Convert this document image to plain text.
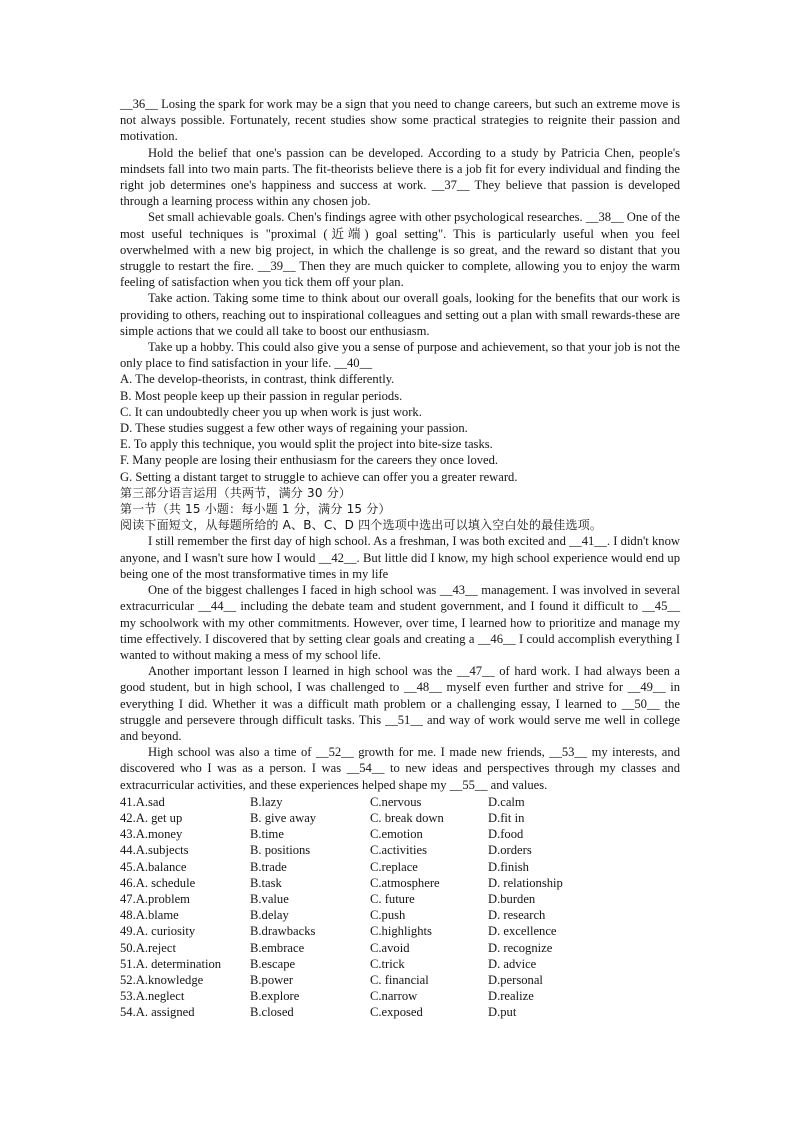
__36__ Losing the spark for work may be a sign that you need to change careers, but such an extreme move is not always possible. Fortunately, recent studies show some practical strategies to reignite their passion and motivation.

Hold the belief that one's passion can be developed. According to a study by Patricia Chen, people's mindsets fall into two main parts. The fit-theorists believe there is a job fit for every individual and finding the right job determines one's happiness and success at work. __37__ They believe that passion is developed through a learning process within any chosen job.

Set small achievable goals. Chen's findings agree with other psychological researches. __38__ One of the most useful techniques is "proximal (近端) goal setting". This is particularly useful when you feel overwhelmed with a new big project, in which the challenge is so great, and the reward so distant that you struggle to restart the fire. __39__ Then they are much quicker to complete, allowing you to enjoy the warm feeling of satisfaction when you tick them off your plan.

Take action. Taking some time to think about our overall goals, looking for the benefits that our work is providing to others, reaching out to inspirational colleagues and setting out a plan with small rewards-these are simple actions that we could all take to boost our enthusiasm.

Take up a hobby. This could also give you a sense of purpose and achievement, so that your job is not the only place to find satisfaction in your life. __40__

A. The develop-theorists, in contrast, think differently.

B. Most people keep up their passion in regular periods.

C. It can undoubtedly cheer you up when work is just work.

D. These studies suggest a few other ways of regaining your passion.

E. To apply this technique, you would split the project into bite-size tasks.

F. Many people are losing their enthusiasm for the careers they once loved.

G. Setting a distant target to struggle to achieve can offer you a greater reward.

第三部分语言运用（共两节，满分 30 分）

第一节（共 15 小题：每小题 1 分，满分 15 分）

阅读下面短文，从每题所给的 A、B、C、D 四个选项中选出可以填入空白处的最佳选项。

I still remember the first day of high school. As a freshman, I was both excited and __41__. I didn't know anyone, and I wasn't sure how I would __42__. But little did I know, my high school experience would end up being one of the most transformative times in my life

One of the biggest challenges I faced in high school was __43__ management. I was involved in several extracurricular __44__ including the debate team and student government, and I found it difficult to __45__ my schoolwork with my other commitments. However, over time, I learned how to prioritize and manage my time effectively. I discovered that by setting clear goals and creating a __46__ I could accomplish everything I wanted to without making a mess of my school life.

Another important lesson I learned in high school was the __47__ of hard work. I had always been a good student, but in high school, I was challenged to __48__ myself even further and strive for __49__ in everything I did. Whether it was a difficult math problem or a challenging essay, I learned to __50__ the struggle and persevere through difficult tasks. This __51__ and way of work would serve me well in college and beyond.

High school was also a time of __52__ growth for me. I made new friends, __53__ my interests, and discovered who I was as a person. I was __54__ to new ideas and perspectives through my classes and extracurricular activities, and these experiences helped shape my __55__ and values.

41.A.sad	B.lazy	C.nervous	D.calm
42.A. get up	B. give away	C. break down	D.fit in
43.A.money	B.time	C.emotion	D.food
44.A.subjects	B. positions	C.activities	D.orders
45.A.balance	B.trade	C.replace	D.finish
46.A. schedule	B.task	C.atmosphere	D. relationship
47.A.problem	B.value	C. future	D.burden
48.A.blame	B.delay	C.push	D. research
49.A. curiosity	B.drawbacks	C.highlights	D. excellence
50.A.reject	B.embrace	C.avoid	D. recognize
51.A. determination	B.escape	C.trick	D. advice
52.A.knowledge	B.power	C. financial	D.personal
53.A.neglect	B.explore	C.narrow	D.realize
54.A. assigned	B.closed	C.exposed	D.put
